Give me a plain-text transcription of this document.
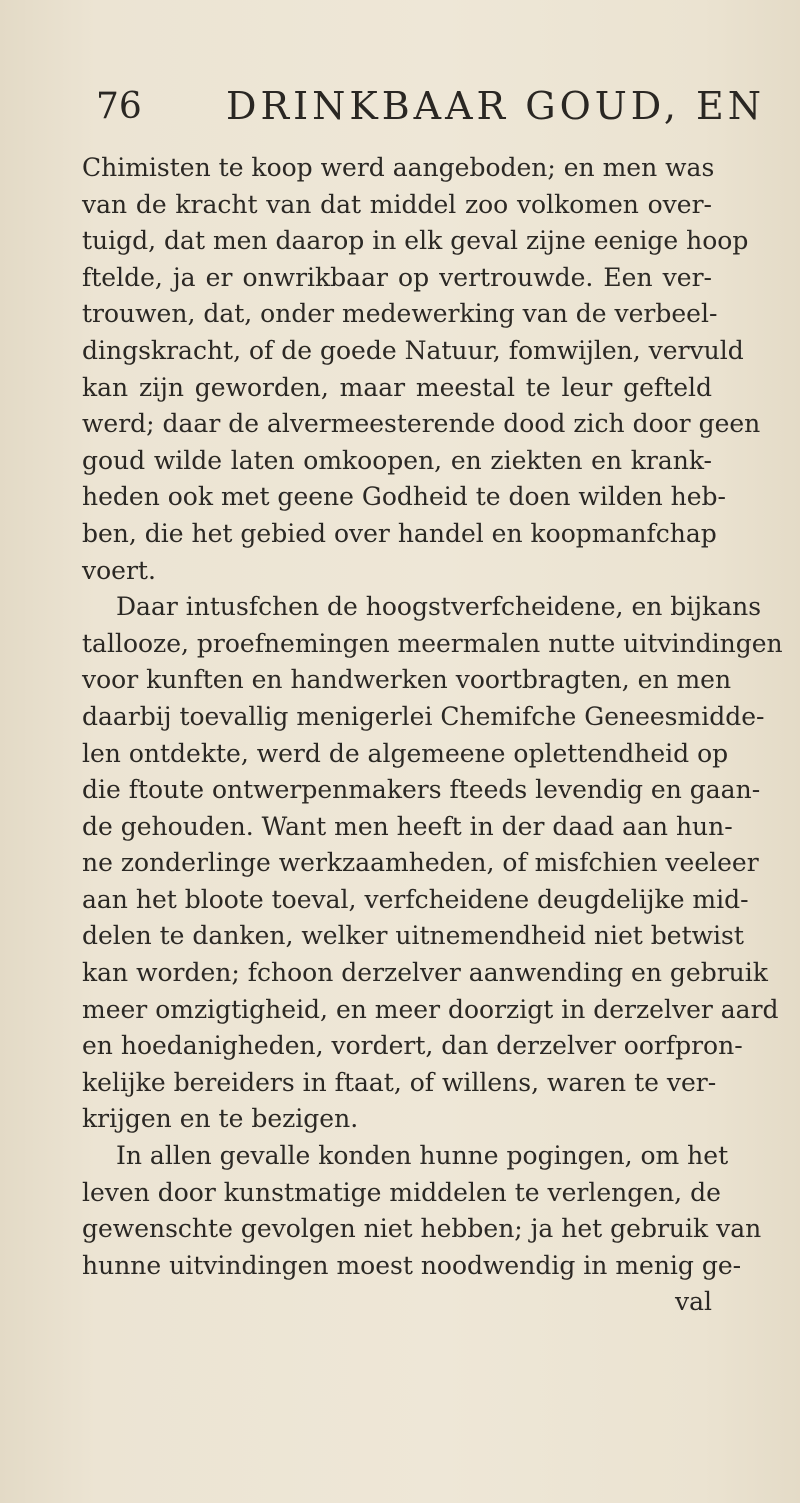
76 DRINKBAAR GOUD, EN
Chimisten te koop werd aangeboden; en men was
van de kracht van dat middel zoo volkomen over-
tuigd, dat men daarop in elk geval zijne eenige hoop
ftelde, ja er onwrikbaar op vertrouwde. Een ver-
trouwen, dat, onder medewerking van de verbeel-
dingskracht, of de goede Natuur, fomwijlen, vervuld
kan zijn geworden, maar meestal te leur gefteld
werd; daar de alvermeesterende dood zich door geen
goud wilde laten omkoopen, en ziekten en krank-
heden ook met geene Godheid te doen wilden heb-
ben, die het gebied over handel en koopmanfchap
voert.
Daar intusfchen de hoogstverfcheidene, en bijkans
tallooze, proefnemingen meermalen nutte uitvindingen
voor kunften en handwerken voortbragten, en men
daarbij toevallig menigerlei Chemifche Geneesmidde-
len ontdekte, werd de algemeene oplettendheid op
die ftoute ontwerpenmakers fteeds levendig en gaan-
de gehouden. Want men heeft in der daad aan hun-
ne zonderlinge werkzaamheden, of misfchien veeleer
aan het bloote toeval, verfcheidene deugdelijke mid-
delen te danken, welker uitnemendheid niet betwist
kan worden; fchoon derzelver aanwending en gebruik
meer omzigtigheid, en meer doorzigt in derzelver aard
en hoedanigheden, vordert, dan derzelver oorfpron-
kelijke bereiders in ftaat, of willens, waren te ver-
krijgen en te bezigen.
In allen gevalle konden hunne pogingen, om het
leven door kunstmatige middelen te verlengen, de
gewenschte gevolgen niet hebben; ja het gebruik van
hunne uitvindingen moest noodwendig in menig ge-
val
